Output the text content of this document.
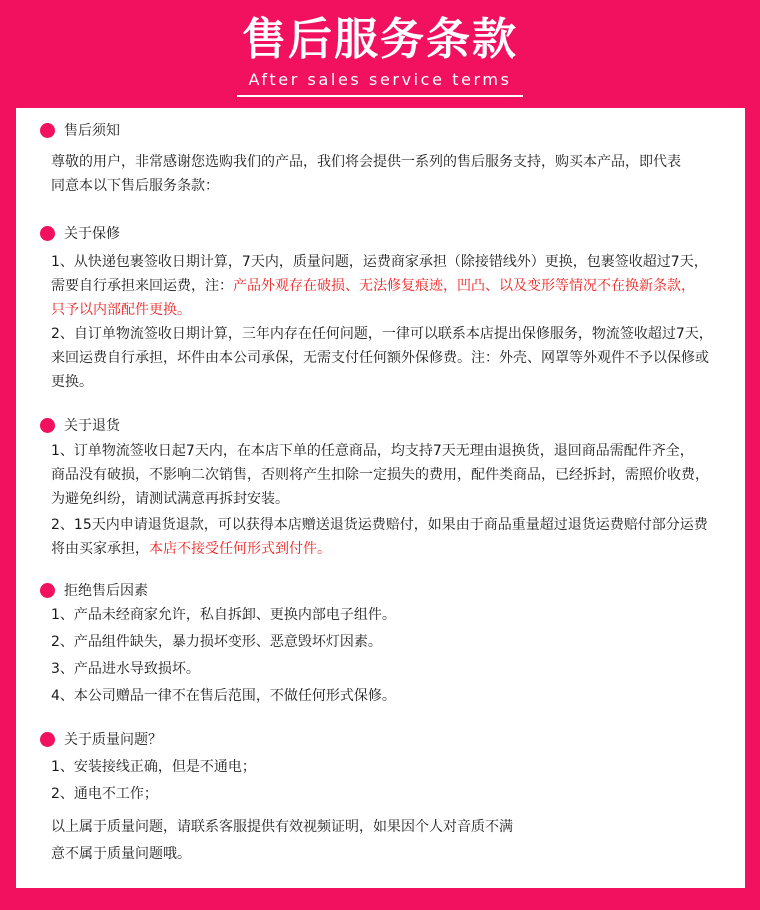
售后服务条款
After sales service terms
售后须知
尊敬的用户，非常感谢您选购我们的产品，我们将会提供一系列的售后服务支持，购买本产品，即代表
同意本以下售后服务条款：
关于保修
1、从快递包裹签收日期计算，7天内，质量问题，运费商家承担（除接错线外）更换，包裹签收超过7天，
需要自行承担来回运费，注：产品外观存在破损、无法修复痕迹，凹凸、以及变形等情况不在换新条款，
只予以内部配件更换。
2、自订单物流签收日期计算，三年内存在任何问题，一律可以联系本店提出保修服务，物流签收超过7天，
来回运费自行承担，坏件由本公司承保，无需支付任何额外保修费。注：外壳、网罩等外观件不予以保修或
更换。
关于退货
1、订单物流签收日起7天内，在本店下单的任意商品，均支持7天无理由退换货，退回商品需配件齐全，
商品没有破损，不影响二次销售，否则将产生扣除一定损失的费用，配件类商品，已经拆封，需照价收费，
为避免纠纷，请测试满意再拆封安装。
2、15天内申请退货退款，可以获得本店赠送退货运费赔付，如果由于商品重量超过退货运费赔付部分运费
将由买家承担，本店不接受任何形式到付件。
拒绝售后因素
1、产品未经商家允许，私自拆卸、更换内部电子组件。
2、产品组件缺失，暴力损坏变形、恶意毁坏灯因素。
3、产品进水导致损坏。
4、本公司赠品一律不在售后范围，不做任何形式保修。
关于质量问题？
1、安装接线正确，但是不通电；
2、通电不工作；
以上属于质量问题，请联系客服提供有效视频证明，如果因个人对音质不满
意不属于质量问题哦。
